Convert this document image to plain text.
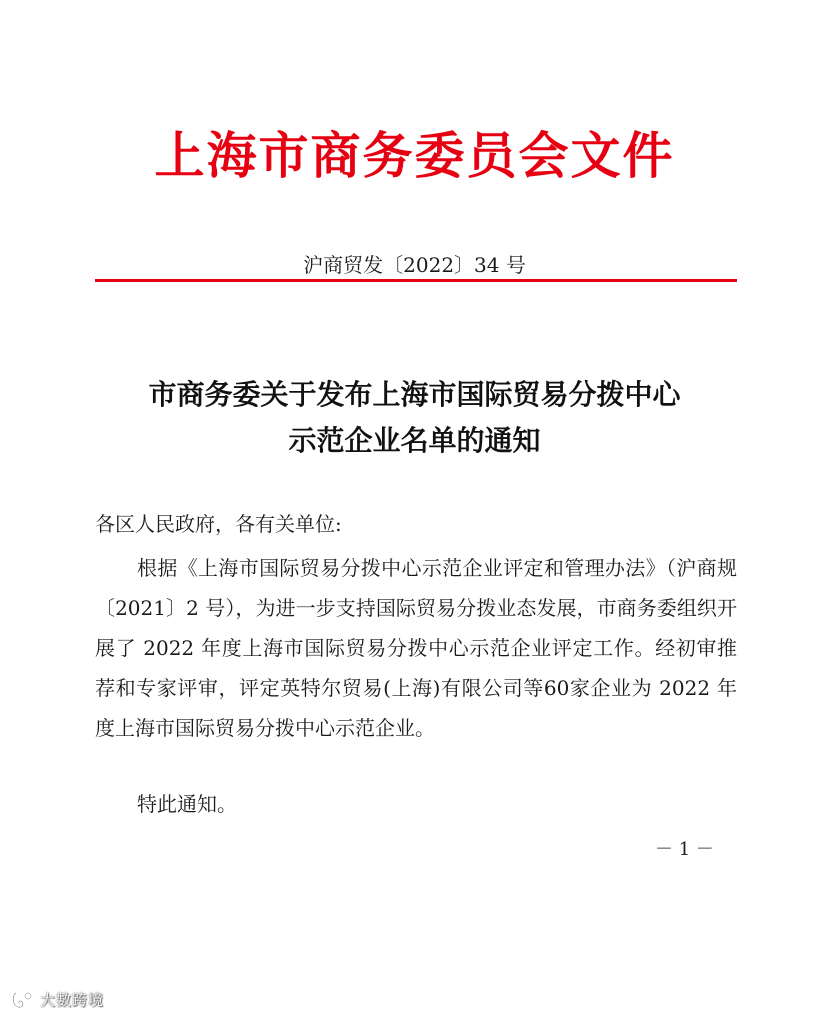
上海市商务委员会文件
沪商贸发〔2022〕34 号
市商务委关于发布上海市国际贸易分拨中心
示范企业名单的通知
各区人民政府，各有关单位:
根据《上海市国际贸易分拨中心示范企业评定和管理办法》（沪商规〔2021〕2 号），为进一步支持国际贸易分拨业态发展，市商务委组织开展了 2022 年度上海市国际贸易分拨中心示范企业评定工作。经初审推荐和专家评审，评定英特尔贸易(上海)有限公司等60家企业为 2022 年度上海市国际贸易分拨中心示范企业。
特此通知。
－ 1 －
大數跨境
